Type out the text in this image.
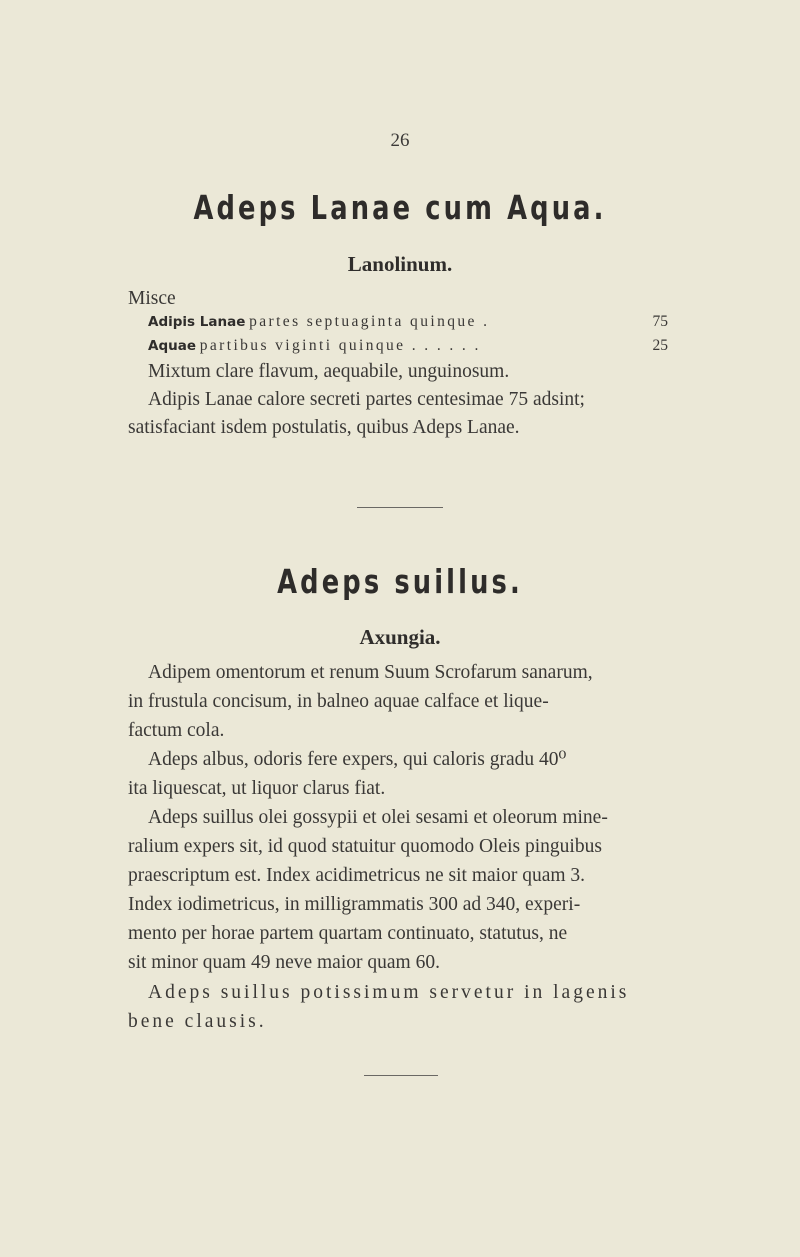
26
Adeps Lanae cum Aqua.
Lanolinum.
Misce
Adipis Lanae partes septuaginta quinque .	75
Aquae partibus viginti quinque . . . . . .	25
Mixtum clare flavum, aequabile, unguinosum.
Adipis Lanae calore secreti partes centesimae 75 adsint;
satisfaciant isdem postulatis, quibus Adeps Lanae.
Adeps suillus.
Axungia.
Adipem omentorum et renum Suum Scrofarum sanarum,
in frustula concisum, in balneo aquae calface et lique-
factum cola.
Adeps albus, odoris fere expers, qui caloris gradu 40⁰
ita liquescat, ut liquor clarus fiat.
Adeps suillus olei gossypii et olei sesami et oleorum mine-
ralium expers sit, id quod statuitur quomodo Oleis pinguibus
praescriptum est. Index acidimetricus ne sit maior quam 3.
Index iodimetricus, in milligrammatis 300 ad 340, experi-
mento per horae partem quartam continuato, statutus, ne
sit minor quam 49 neve maior quam 60.
Adeps suillus potissimum servetur in lagenis
bene clausis.
